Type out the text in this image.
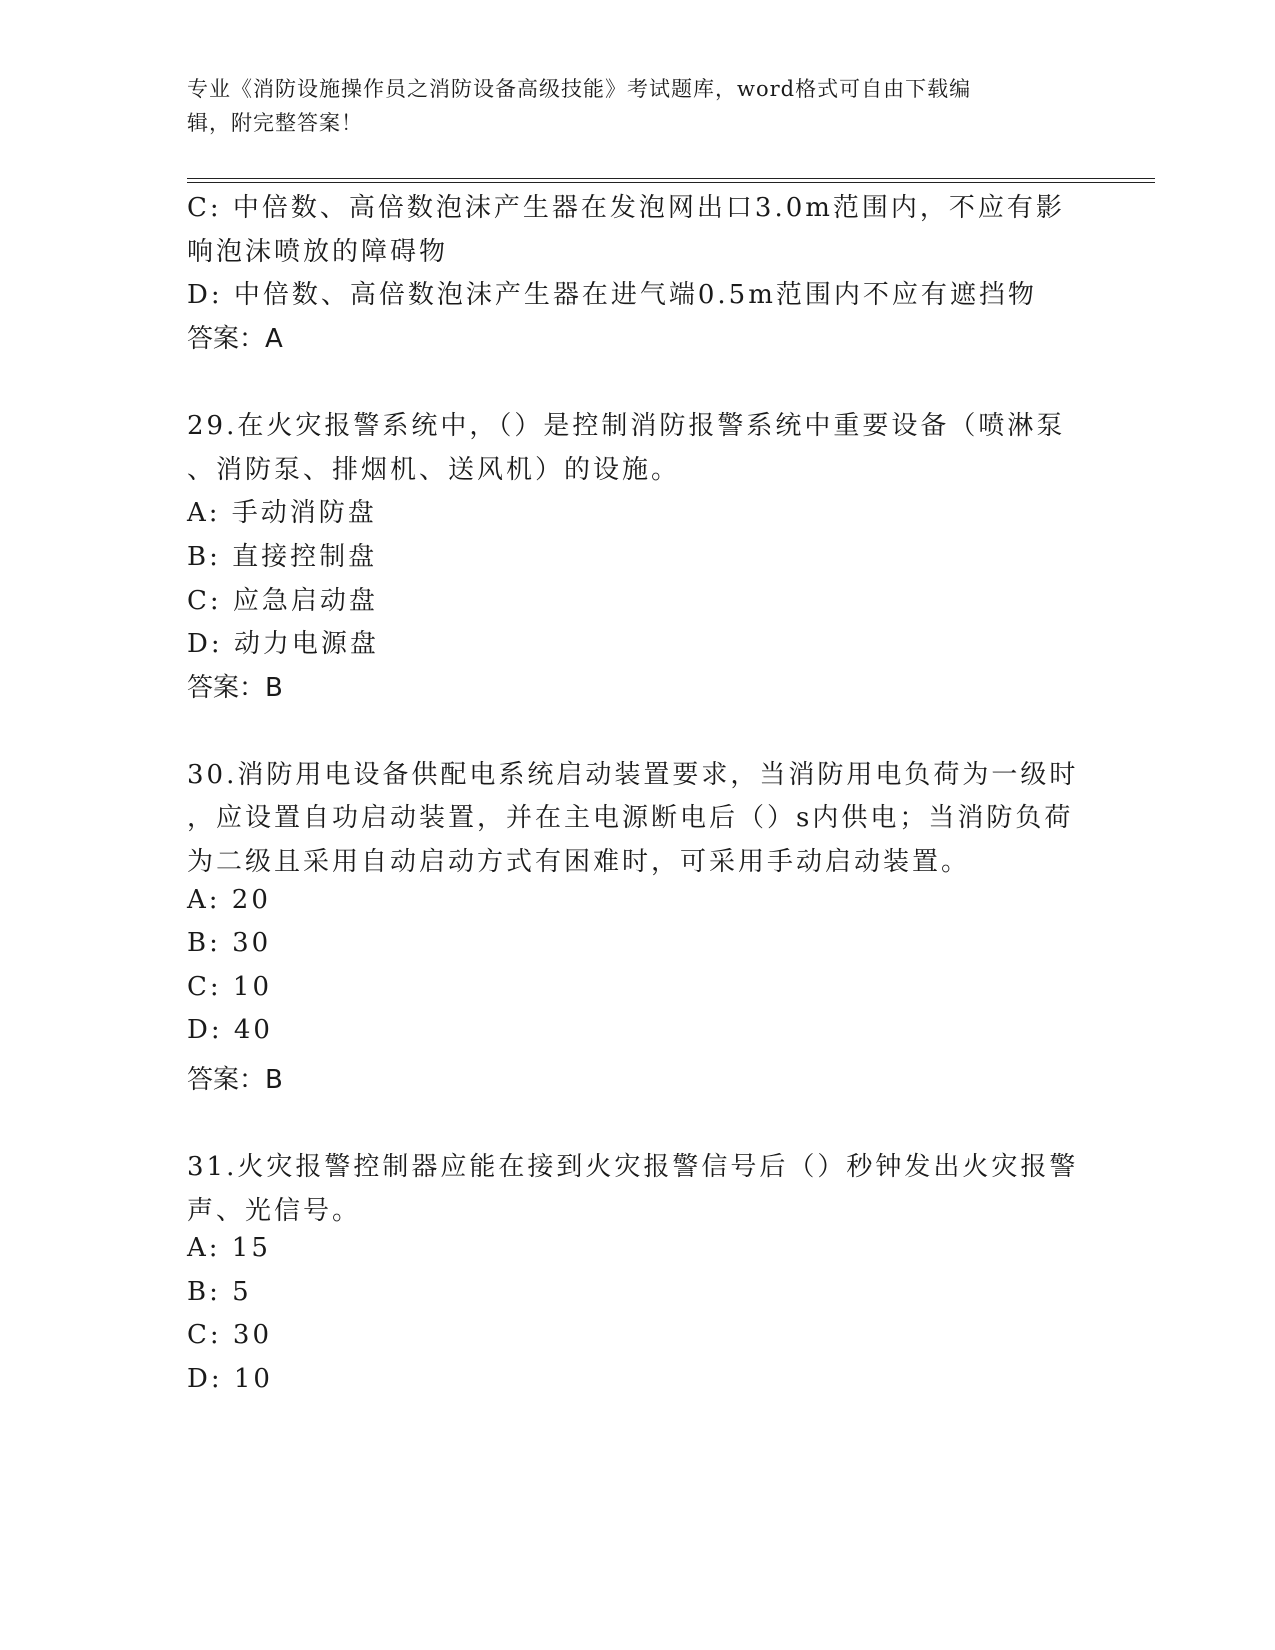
专业《消防设施操作员之消防设备高级技能》考试题库，word格式可自由下载编
辑，附完整答案！
C: 中倍数、高倍数泡沫产生器在发泡网出口3.0m范围内，不应有影
响泡沫喷放的障碍物
D: 中倍数、高倍数泡沫产生器在进气端0.5m范围内不应有遮挡物
答案：A
29.在火灾报警系统中，（）是控制消防报警系统中重要设备（喷淋泵
、消防泵、排烟机、送风机）的设施。
A: 手动消防盘
B: 直接控制盘
C: 应急启动盘
D: 动力电源盘
答案：B
30.消防用电设备供配电系统启动装置要求，当消防用电负荷为一级时
，应设置自功启动装置，并在主电源断电后（）s内供电；当消防负荷
为二级且采用自动启动方式有困难时，可采用手动启动装置。
A: 20
B: 30
C: 10
D: 40
答案：B
31.火灾报警控制器应能在接到火灾报警信号后（）秒钟发出火灾报警
声、光信号。
A: 15
B: 5
C: 30
D: 10
